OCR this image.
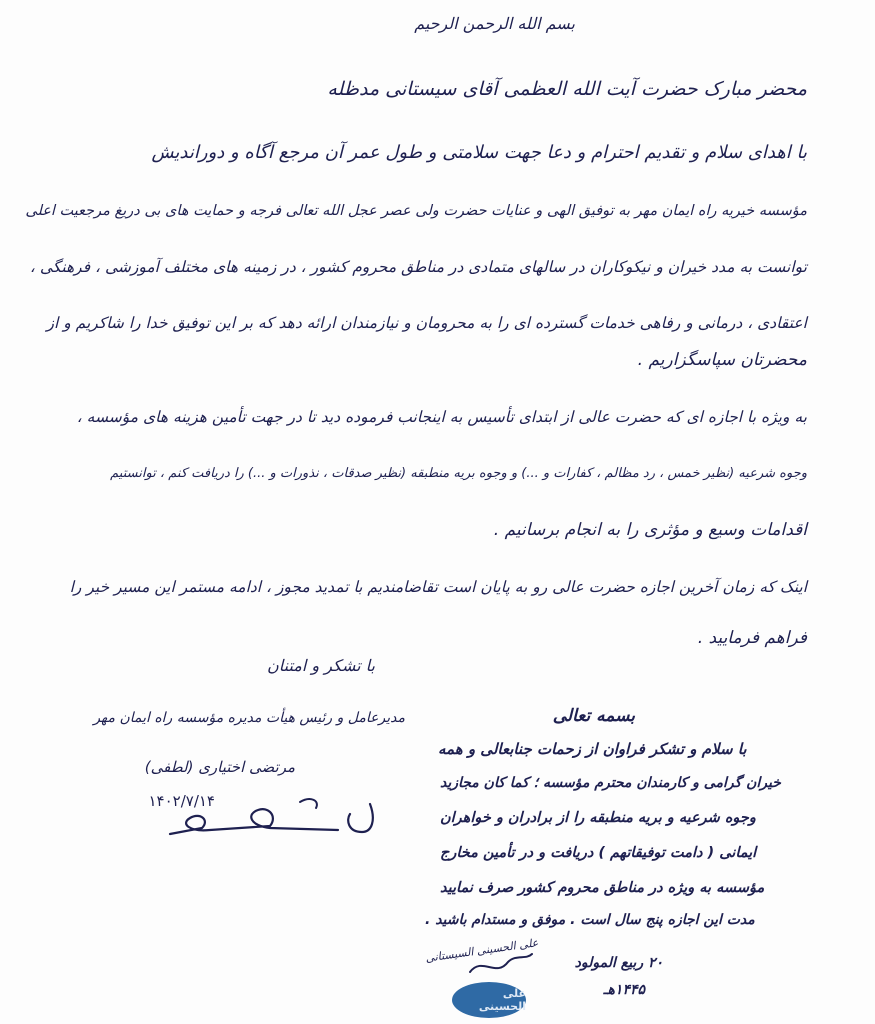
بسم الله الرحمن الرحیم
محضر مبارک حضرت آیت الله العظمی آقای سیستانی مدظله
با اهدای سلام و تقدیم احترام و دعا جهت سلامتی و طول عمر آن مرجع آگاه و دوراندیش
مؤسسه خیریه راه ایمان مهر به توفیق الهی و عنایات حضرت ولی عصر عجل الله تعالی فرجه و حمایت های بی دریغ مرجعیت اعلی
توانست به مدد خیران و نیکوکاران در سالهای متمادی در مناطق محروم کشور ، در زمینه های مختلف آموزشی ، فرهنگی ،
اعتقادی ، درمانی و رفاهی خدمات گسترده ای را به محرومان و نیازمندان ارائه دهد که بر این توفیق خدا را شاکریم و از
محضرتان سپاسگزاریم .
به ویژه با اجازه ای که حضرت عالی از ابتدای تأسیس به اینجانب فرموده دید تا در جهت تأمین هزینه های مؤسسه ،
وجوه شرعیه (نظیر خمس ، رد مظالم ، کفارات و ...) و وجوه بریه منطبقه (نظیر صدقات ، نذورات و ...) را دریافت کنم ، توانستیم
اقدامات وسیع و مؤثری را به انجام برسانیم .
اینک که زمان آخرین اجازه حضرت عالی رو به پایان است تقاضامندیم با تمدید مجوز ، ادامه مستمر این مسیر خیر را
فراهم فرمایید .
با تشکر و امتنان
مدیرعامل و رئیس هیأت مدیره مؤسسه راه ایمان مهر
مرتضی اختیاری (لطفی)
۱۴۰۲/۷/۱۴
بسمه تعالی
با سلام و تشکر فراوان از زحمات جنابعالی و همه
خیران گرامی و کارمندان محترم مؤسسه ؛ کما کان مجازید
وجوه شرعیه و بریه منطبقه را از برادران و خواهران
ایمانی ( دامت توفیقاتهم ) دریافت و در تأمین مخارج
مؤسسه به ویژه در مناطق محروم کشور صرف نمایید
مدت این اجازه پنج سال است . موفق و مستدام باشید .
۲۰ ربیع المولود
۱۴۴۵هـ
علی الحسینی السیستانی
علی الحسینی
